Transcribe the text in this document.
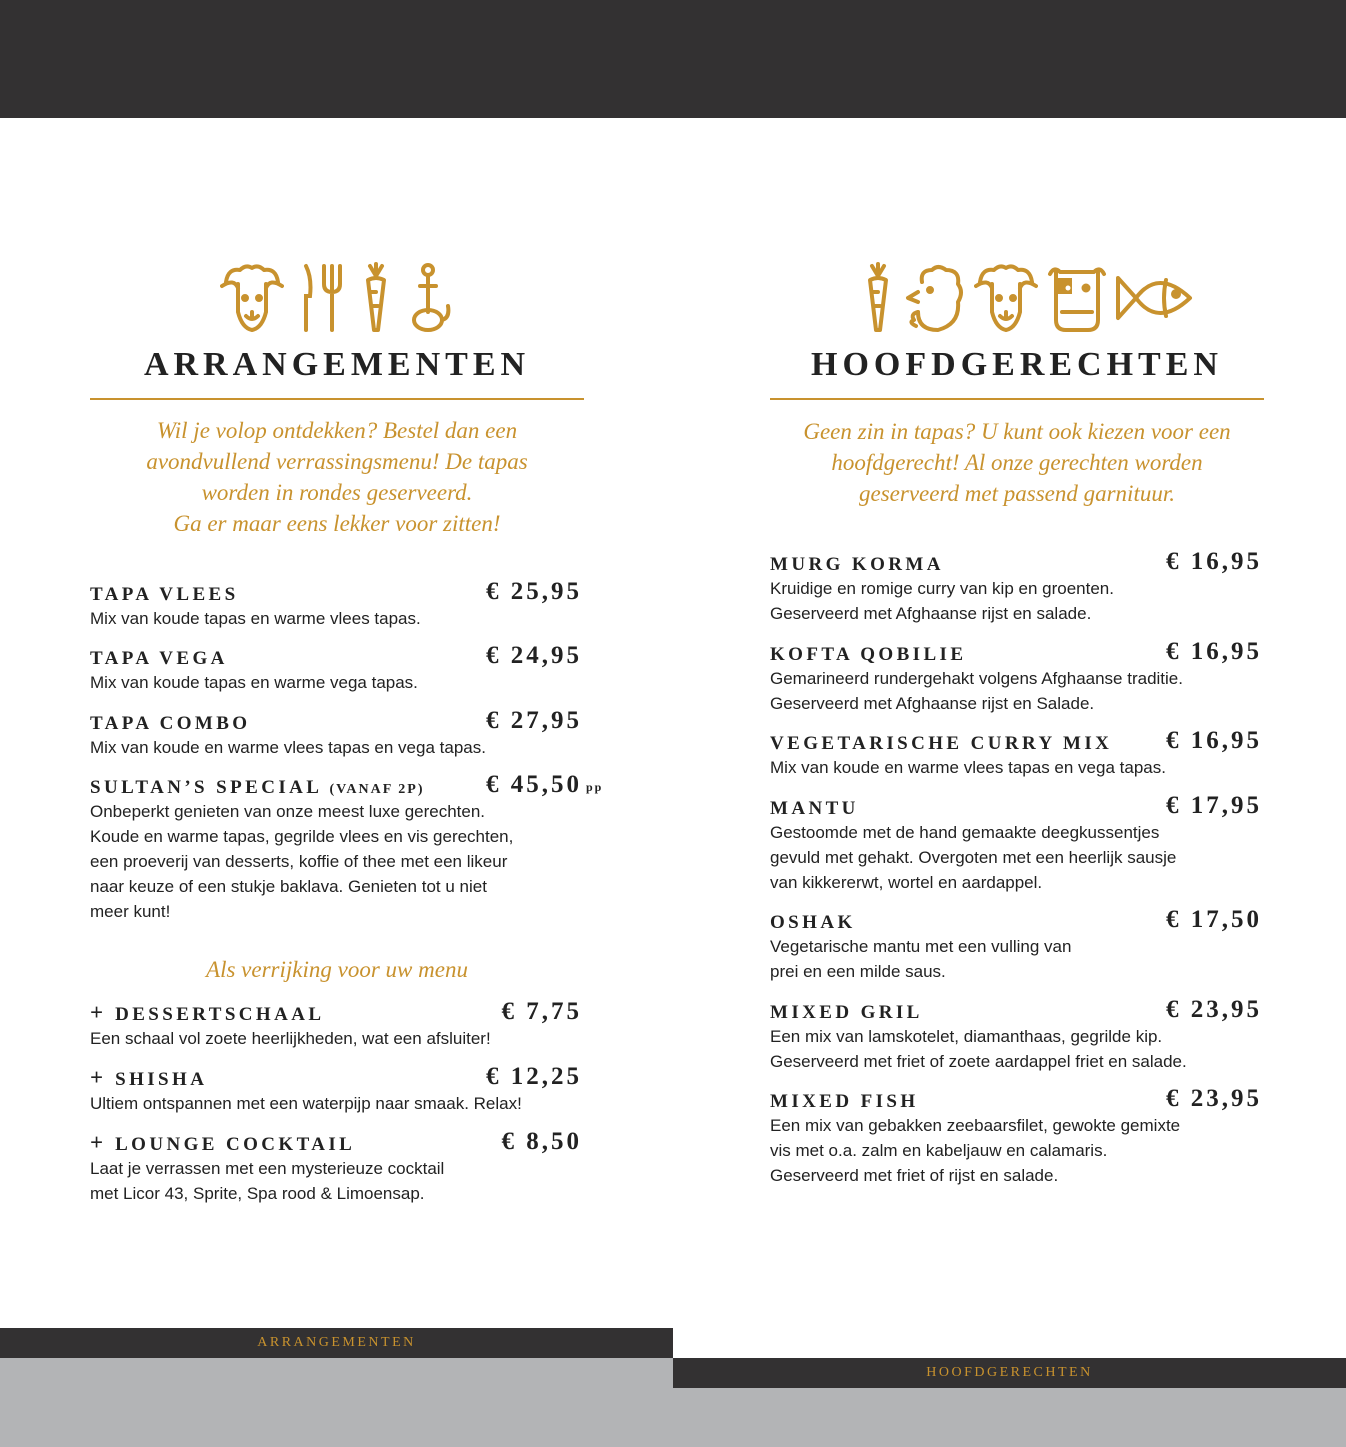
ARRANGEMENTEN
Wil je volop ontdekken? Bestel dan een
avondvullend verrassingsmenu! De tapas
worden in rondes geserveerd.
Ga er maar eens lekker voor zitten!
TAPA VLEES	€ 25,95
Mix van koude tapas en warme vlees tapas.
TAPA VEGA	€ 24,95
Mix van koude tapas en warme vega tapas.
TAPA COMBO	€ 27,95
Mix van koude en warme vlees tapas en vega tapas.
SULTAN’S SPECIAL (VANAF 2P) € 45,50 pp
Onbeperkt genieten van onze meest luxe gerechten.
Koude en warme tapas, gegrilde vlees en vis gerechten,
een proeverij van desserts, koffie of thee met een likeur
naar keuze of een stukje baklava. Genieten tot u niet
meer kunt!
Als verrijking voor uw menu
+ DESSERTSCHAAL	€ 7,75
Een schaal vol zoete heerlijkheden, wat een afsluiter!
+ SHISHA	€ 12,25
Ultiem ontspannen met een waterpijp naar smaak. Relax!
+ LOUNGE COCKTAIL	€ 8,50
Laat je verrassen met een mysterieuze cocktail
met Licor 43, Sprite, Spa rood & Limoensap.
HOOFDGERECHTEN
Geen zin in tapas? U kunt ook kiezen voor een
hoofdgerecht! Al onze gerechten worden
geserveerd met passend garnituur.
MURG KORMA	€ 16,95
Kruidige en romige curry van kip en groenten.
Geserveerd met Afghaanse rijst en salade.
KOFTA QOBILIE	€ 16,95
Gemarineerd rundergehakt volgens Afghaanse traditie.
Geserveerd met Afghaanse rijst en Salade.
VEGETARISCHE CURRY MIX € 16,95
Mix van koude en warme vlees tapas en vega tapas.
MANTU	€ 17,95
Gestoomde met de hand gemaakte deegkussentjes
gevuld met gehakt. Overgoten met een heerlijk sausje
van kikkererwt, wortel en aardappel.
OSHAK	€ 17,50
Vegetarische mantu met een vulling van
prei en een milde saus.
MIXED GRIL	€ 23,95
Een mix van lamskotelet, diamanthaas, gegrilde kip.
Geserveerd met friet of zoete aardappel friet en salade.
MIXED FISH	€ 23,95
Een mix van gebakken zeebaarsfilet, gewokte gemixte
vis met o.a. zalm en kabeljauw en calamaris.
Geserveerd met friet of rijst en salade.
ARRANGEMENTEN
HOOFDGERECHTEN
